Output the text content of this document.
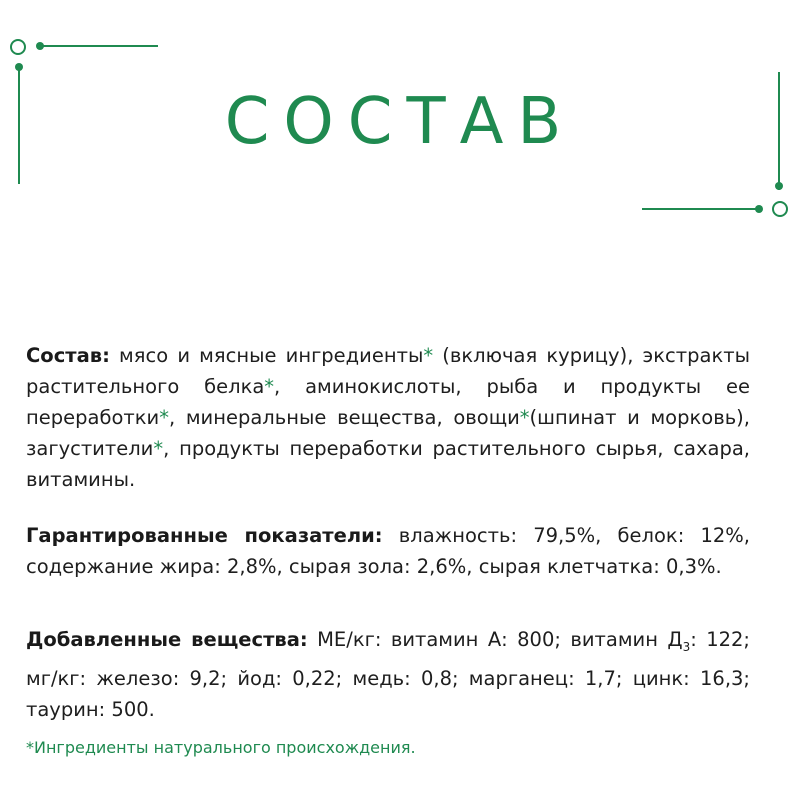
СОСТАВ
Состав: мясо и мясные ингредиенты* (включая курицу), экстракты растительного белка*, аминокислоты, рыба и продукты ее переработки*, минеральные вещества, овощи*(шпинат и морковь), загустители*, продукты переработки растительного сырья, сахара, витамины.
Гарантированные показатели: влажность: 79,5%, белок: 12%, содержание жира: 2,8%, сырая зола: 2,6%, сырая клетчатка: 0,3%.
Добавленные вещества: МЕ/кг: витамин А: 800; витамин $Д_3$: 122; мг/кг: железо: 9,2; йод: 0,22; медь: 0,8; марганец: 1,7; цинк: 16,3; таурин: 500.
*Ингредиенты натурального происхождения.
